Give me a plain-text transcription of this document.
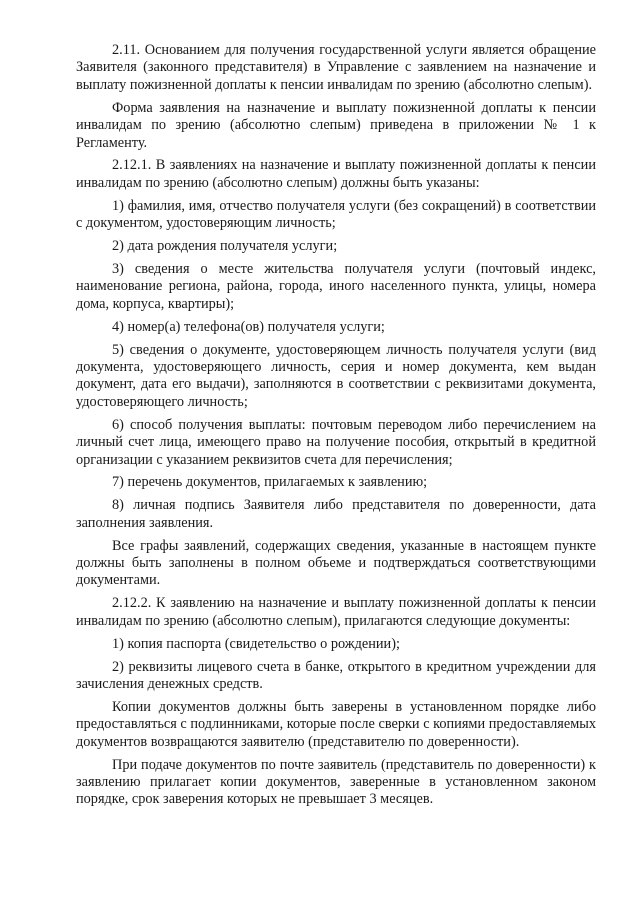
2.11. Основанием для получения государственной услуги является обращение Заявителя (законного представителя) в Управление с заявлением на назначение и выплату пожизненной доплаты к пенсии инвалидам по зрению (абсолютно слепым).

Форма заявления на назначение и выплату пожизненной доплаты к пенсии инвалидам по зрению (абсолютно слепым) приведена в приложении № 1 к Регламенту.

2.12.1. В заявлениях на назначение и выплату пожизненной доплаты к пенсии инвалидам по зрению (абсолютно слепым) должны быть указаны:

1) фамилия, имя, отчество получателя услуги (без сокращений) в соответствии с документом, удостоверяющим личность;

2) дата рождения получателя услуги;

3) сведения о месте жительства получателя услуги (почтовый индекс, наименование региона, района, города, иного населенного пункта, улицы, номера дома, корпуса, квартиры);

4) номер(а) телефона(ов) получателя услуги;

5) сведения о документе, удостоверяющем личность получателя услуги (вид документа, удостоверяющего личность, серия и номер документа, кем выдан документ, дата его выдачи), заполняются в соответствии с реквизитами документа, удостоверяющего личность;

6) способ получения выплаты: почтовым переводом либо перечислением на личный счет лица, имеющего право на получение пособия, открытый в кредитной организации с указанием реквизитов счета для перечисления;

7) перечень документов, прилагаемых к заявлению;

8) личная подпись Заявителя либо представителя по доверенности, дата заполнения заявления.

Все графы заявлений, содержащих сведения, указанные в настоящем пункте должны быть заполнены в полном объеме и подтверждаться соответствующими документами.

2.12.2. К заявлению на назначение и выплату пожизненной доплаты к пенсии инвалидам по зрению (абсолютно слепым), прилагаются следующие документы:

1) копия паспорта (свидетельство о рождении);

2) реквизиты лицевого счета в банке, открытого в кредитном учреждении для зачисления денежных средств.

Копии документов должны быть заверены в установленном порядке либо предоставляться с подлинниками, которые после сверки с копиями предоставляемых документов возвращаются заявителю (представителю по доверенности).

При подаче документов по почте заявитель (представитель по доверенности) к заявлению прилагает копии документов, заверенные в установленном законом порядке, срок заверения которых не превышает 3 месяцев.
